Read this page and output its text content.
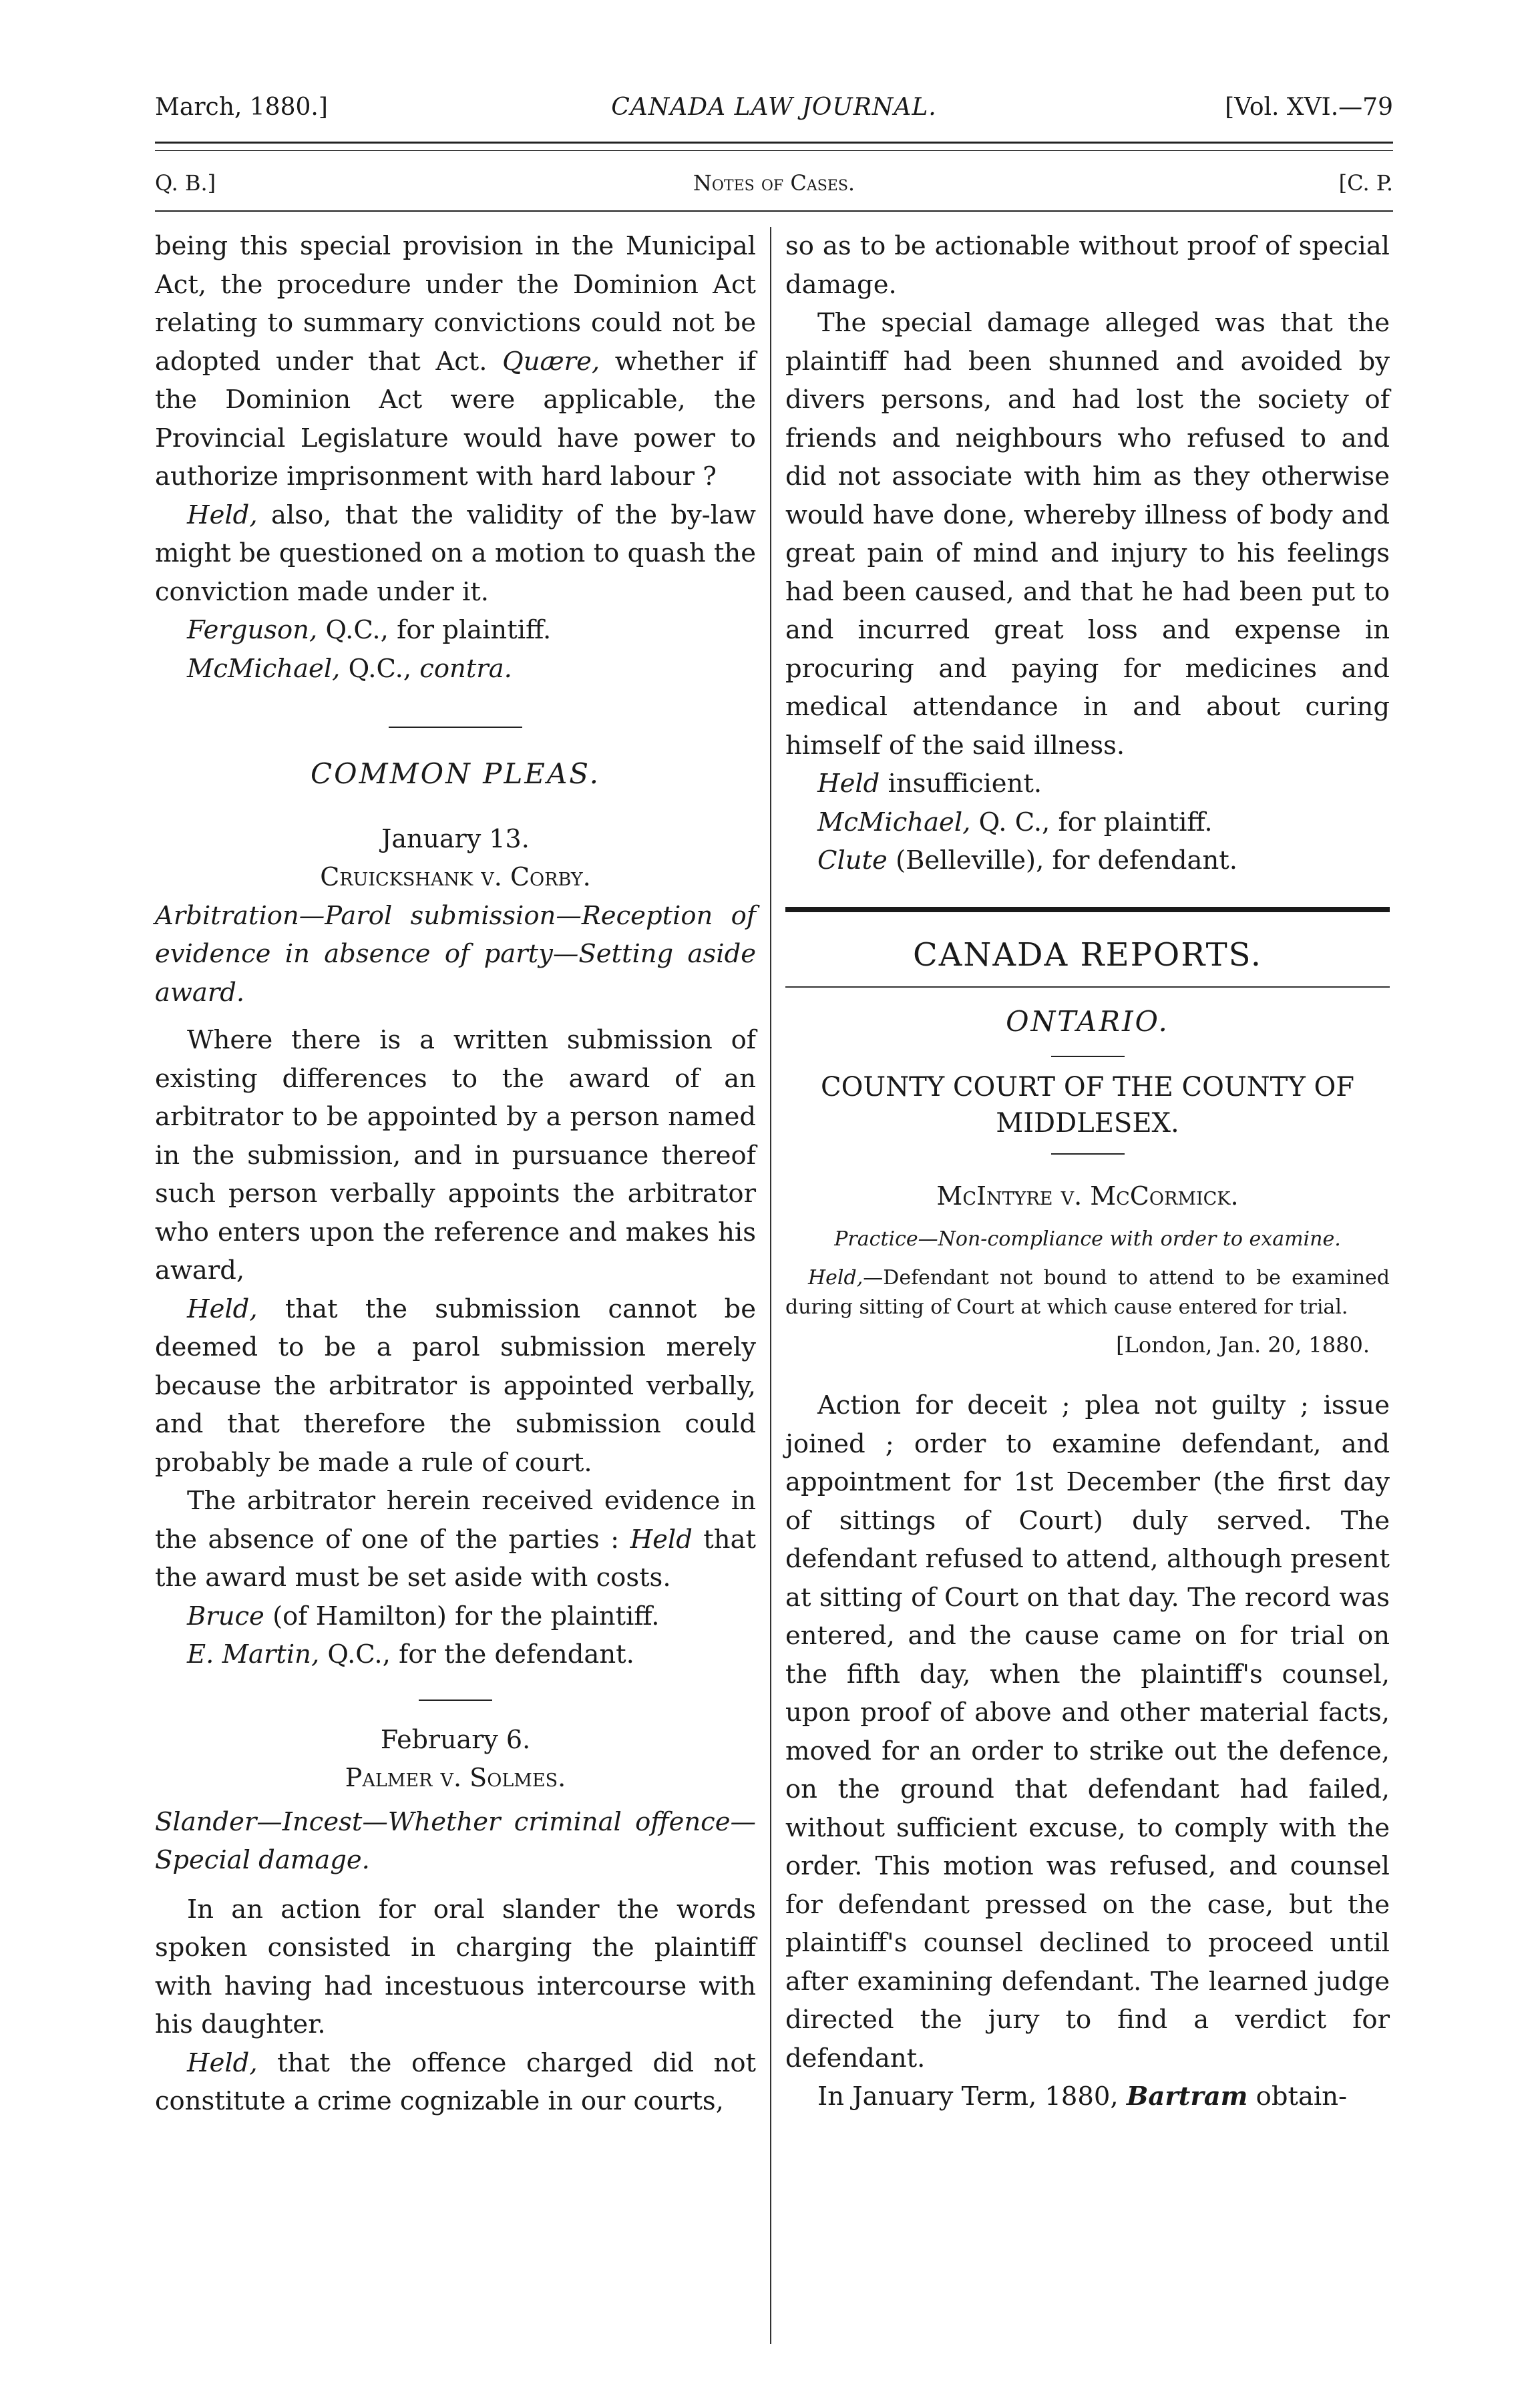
March, 1880.]	CANADA LAW JOURNAL.	[Vol. XVI.—79
Q. B.]	Notes of Cases.	[C. P.

being this special provision in the Municipal Act, the procedure under the Dominion Act relating to summary convictions could not be adopted under that Act. Quære, whether if the Dominion Act were applicable, the Provincial Legislature would have power to authorize imprisonment with hard labour ?

Held, also, that the validity of the by-law might be questioned on a motion to quash the conviction made under it.

Ferguson, Q.C., for plaintiff.

McMichael, Q.C., contra.

COMMON PLEAS.
January 13.
Cruickshank v. Corby.

Arbitration—Parol submission—Reception of evidence in absence of party—Setting aside award.

Where there is a written submission of existing differences to the award of an arbitrator to be appointed by a person named in the submission, and in pursuance thereof such person verbally appoints the arbitrator who enters upon the reference and makes his award,

Held, that the submission cannot be deemed to be a parol submission merely because the arbitrator is appointed verbally, and that therefore the submission could probably be made a rule of court.

The arbitrator herein received evidence in the absence of one of the parties : Held that the award must be set aside with costs.

Bruce (of Hamilton) for the plaintiff.

E. Martin, Q.C., for the defendant.

February 6.
Palmer v. Solmes.

Slander—Incest—Whether criminal offence—Special damage.

In an action for oral slander the words spoken consisted in charging the plaintiff with having had incestuous intercourse with his daughter.

Held, that the offence charged did not constitute a crime cognizable in our courts,

so as to be actionable without proof of special damage.

The special damage alleged was that the plaintiff had been shunned and avoided by divers persons, and had lost the society of friends and neighbours who refused to and did not associate with him as they otherwise would have done, whereby illness of body and great pain of mind and injury to his feelings had been caused, and that he had been put to and incurred great loss and expense in procuring and paying for medicines and medical attendance in and about curing himself of the said illness.

Held insufficient.

McMichael, Q. C., for plaintiff.

Clute (Belleville), for defendant.

CANADA REPORTS.
ONTARIO.
COUNTY COURT OF THE COUNTY OF MIDDLESEX.
McIntyre v. McCormick.

Practice—Non-compliance with order to examine.

Held,—Defendant not bound to attend to be examined during sitting of Court at which cause entered for trial.

[London, Jan. 20, 1880.

Action for deceit ; plea not guilty ; issue joined ; order to examine defendant, and appointment for 1st December (the first day of sittings of Court) duly served. The defendant refused to attend, although present at sitting of Court on that day. The record was entered, and the cause came on for trial on the fifth day, when the plaintiff's counsel, upon proof of above and other material facts, moved for an order to strike out the defence, on the ground that defendant had failed, without sufficient excuse, to comply with the order. This motion was refused, and counsel for defendant pressed on the case, but the plaintiff's counsel declined to proceed until after examining defendant. The learned judge directed the jury to find a verdict for defendant.

In January Term, 1880, Bartram obtain-
